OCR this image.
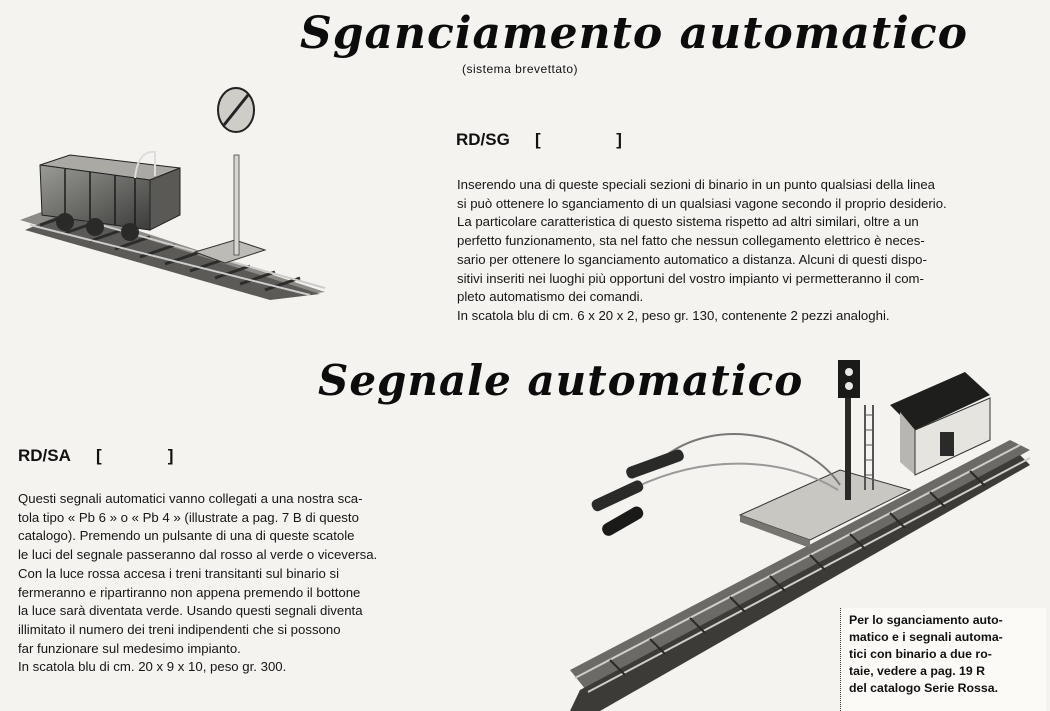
Sganciamento automatico
(sistema brevettato)
RD/SG [                ]

Inserendo una di queste speciali sezioni di binario in un punto qualsiasi della linea

si può ottenere lo sganciamento di un qualsiasi vagone secondo il proprio desiderio.

La particolare caratteristica di questo sistema rispetto ad altri similari, oltre a un

perfetto funzionamento, sta nel fatto che nessun collegamento elettrico è neces-

sario per ottenere lo sganciamento automatico a distanza. Alcuni di questi dispo-

sitivi inseriti nei luoghi più opportuni del vostro impianto vi permetteranno il com-

pleto automatismo dei comandi.

In scatola blu di cm. 6 x 20 x 2, peso gr. 130, contenente 2 pezzi analoghi.

Segnale automatico
RD/SA [              ]

Questi segnali automatici vanno collegati a una nostra sca-

tola tipo « Pb 6 » o « Pb 4 » (illustrate a pag. 7 B di questo

catalogo). Premendo un pulsante di una di queste scatole

le luci del segnale passeranno dal rosso al verde o viceversa.

Con la luce rossa accesa i treni transitanti sul binario si

fermeranno e ripartiranno non appena premendo il bottone

la luce sarà diventata verde. Usando questi segnali diventa

illimitato il numero dei treni indipendenti che si possono

far funzionare sul medesimo impianto.

In scatola blu di cm. 20 x 9 x 10, peso gr. 300.

Per lo sganciamento auto-

matico e i segnali automa-

tici con binario a due ro-

taie, vedere a pag. 19 R

del catalogo Serie Rossa.
